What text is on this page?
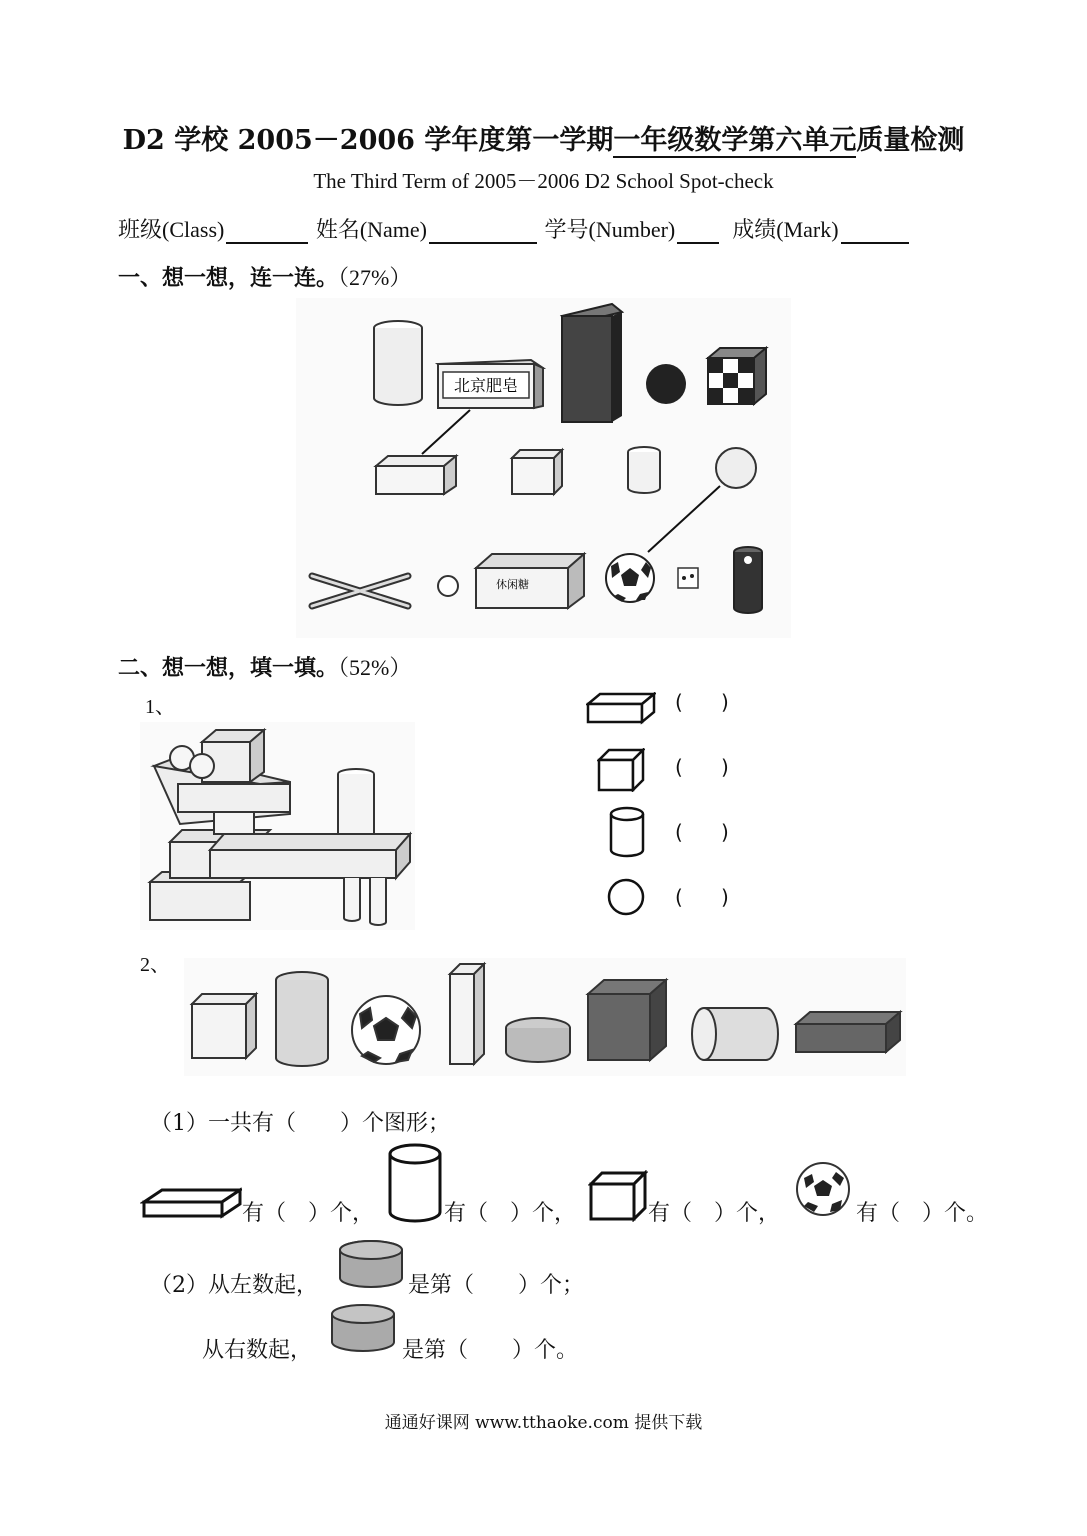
D2 学校 2005－2006 学年度第一学期一年级数学第六单元质量检测
The Third Term of 2005－2006 D2 School Spot-check
班级(Class)	姓名(Name)	学号(Number)	成绩(Mark)
一、想一想，连一连。（27%）
北京肥皂
休闲糖
二、想一想，填一填。（52%）
1、	(      )
(      )
(      )
(      )
2、
（1）一共有（　　）个图形；
有（　）个，	有（　）个，	有（　）个，	有（　）个。
（2）从左数起，	是第（　　）个；
从右数起，	是第（　　）个。
通通好课网 www.tthaoke.com 提供下载
